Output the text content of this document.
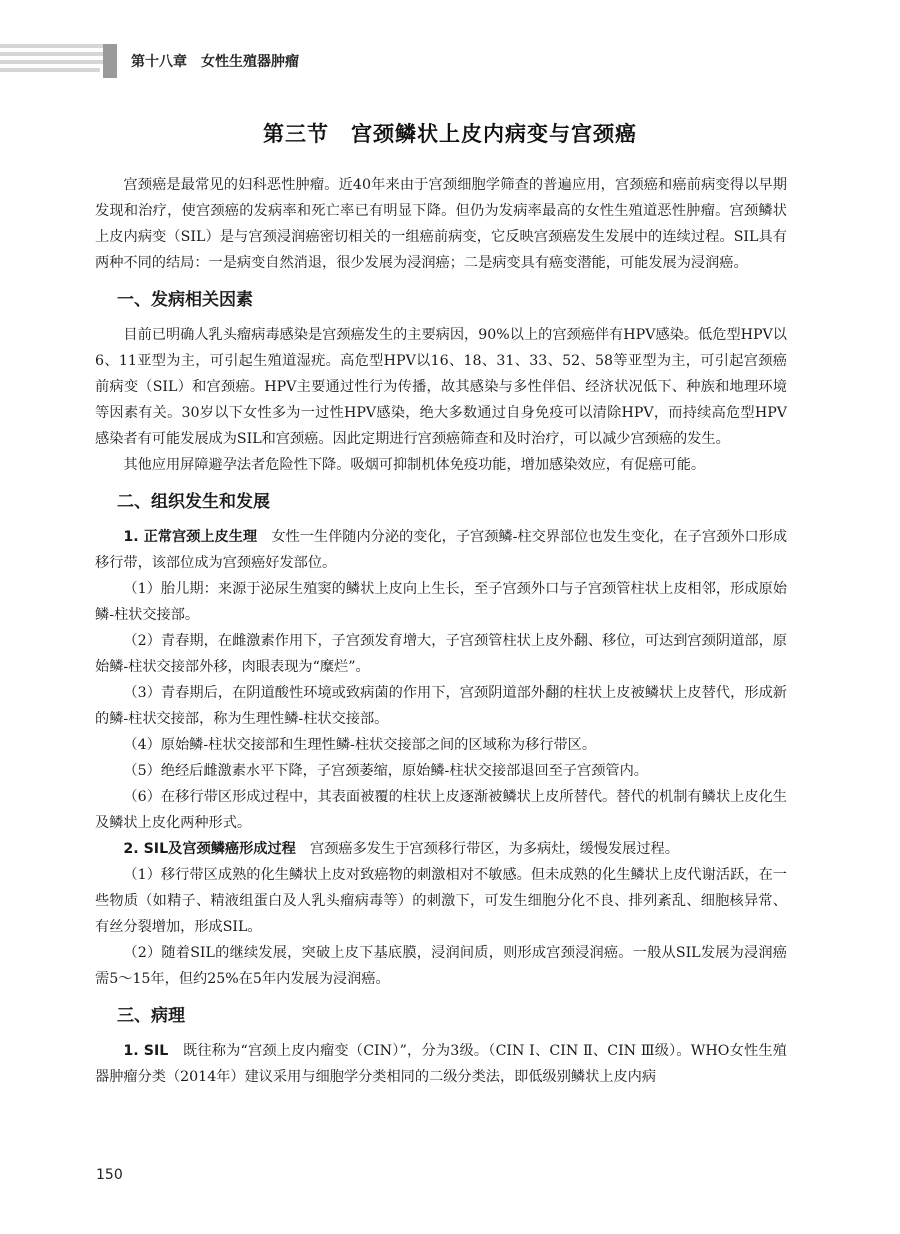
第十八章　女性生殖器肿瘤
第三节　宫颈鳞状上皮内病变与宫颈癌

宫颈癌是最常见的妇科恶性肿瘤。近40年来由于宫颈细胞学筛查的普遍应用，宫颈癌和癌前病变得以早期发现和治疗，使宫颈癌的发病率和死亡率已有明显下降。但仍为发病率最高的女性生殖道恶性肿瘤。宫颈鳞状上皮内病变（SIL）是与宫颈浸润癌密切相关的一组癌前病变，它反映宫颈癌发生发展中的连续过程。SIL具有两种不同的结局：一是病变自然消退，很少发展为浸润癌；二是病变具有癌变潜能，可能发展为浸润癌。

一、发病相关因素

目前已明确人乳头瘤病毒感染是宫颈癌发生的主要病因，90%以上的宫颈癌伴有HPV感染。低危型HPV以6、11亚型为主，可引起生殖道湿疣。高危型HPV以16、18、31、33、52、58等亚型为主，可引起宫颈癌前病变（SIL）和宫颈癌。HPV主要通过性行为传播，故其感染与多性伴侣、经济状况低下、种族和地理环境等因素有关。30岁以下女性多为一过性HPV感染，绝大多数通过自身免疫可以清除HPV，而持续高危型HPV感染者有可能发展成为SIL和宫颈癌。因此定期进行宫颈癌筛查和及时治疗，可以减少宫颈癌的发生。

其他应用屏障避孕法者危险性下降。吸烟可抑制机体免疫功能，增加感染效应，有促癌可能。

二、组织发生和发展

1. 正常宫颈上皮生理　女性一生伴随内分泌的变化，子宫颈鳞-柱交界部位也发生变化，在子宫颈外口形成移行带，该部位成为宫颈癌好发部位。

（1）胎儿期：来源于泌尿生殖窦的鳞状上皮向上生长，至子宫颈外口与子宫颈管柱状上皮相邻，形成原始鳞-柱状交接部。

（2）青春期，在雌激素作用下，子宫颈发育增大，子宫颈管柱状上皮外翻、移位，可达到宫颈阴道部，原始鳞-柱状交接部外移，肉眼表现为“糜烂”。

（3）青春期后，在阴道酸性环境或致病菌的作用下，宫颈阴道部外翻的柱状上皮被鳞状上皮替代，形成新的鳞-柱状交接部，称为生理性鳞-柱状交接部。

（4）原始鳞-柱状交接部和生理性鳞-柱状交接部之间的区域称为移行带区。

（5）绝经后雌激素水平下降，子宫颈萎缩，原始鳞-柱状交接部退回至子宫颈管内。

（6）在移行带区形成过程中，其表面被覆的柱状上皮逐渐被鳞状上皮所替代。替代的机制有鳞状上皮化生及鳞状上皮化两种形式。

2. SIL及宫颈鳞癌形成过程　宫颈癌多发生于宫颈移行带区，为多病灶，缓慢发展过程。

（1）移行带区成熟的化生鳞状上皮对致癌物的刺激相对不敏感。但未成熟的化生鳞状上皮代谢活跃，在一些物质（如精子、精液组蛋白及人乳头瘤病毒等）的刺激下，可发生细胞分化不良、排列紊乱、细胞核异常、有丝分裂增加，形成SIL。

（2）随着SIL的继续发展，突破上皮下基底膜，浸润间质，则形成宫颈浸润癌。一般从SIL发展为浸润癌需5～15年，但约25%在5年内发展为浸润癌。

三、病理

1. SIL　既往称为“宫颈上皮内瘤变（CIN）”，分为3级。（CIN Ⅰ、CIN Ⅱ、CIN Ⅲ级）。WHO女性生殖器肿瘤分类（2014年）建议采用与细胞学分类相同的二级分类法，即低级别鳞状上皮内病

150
